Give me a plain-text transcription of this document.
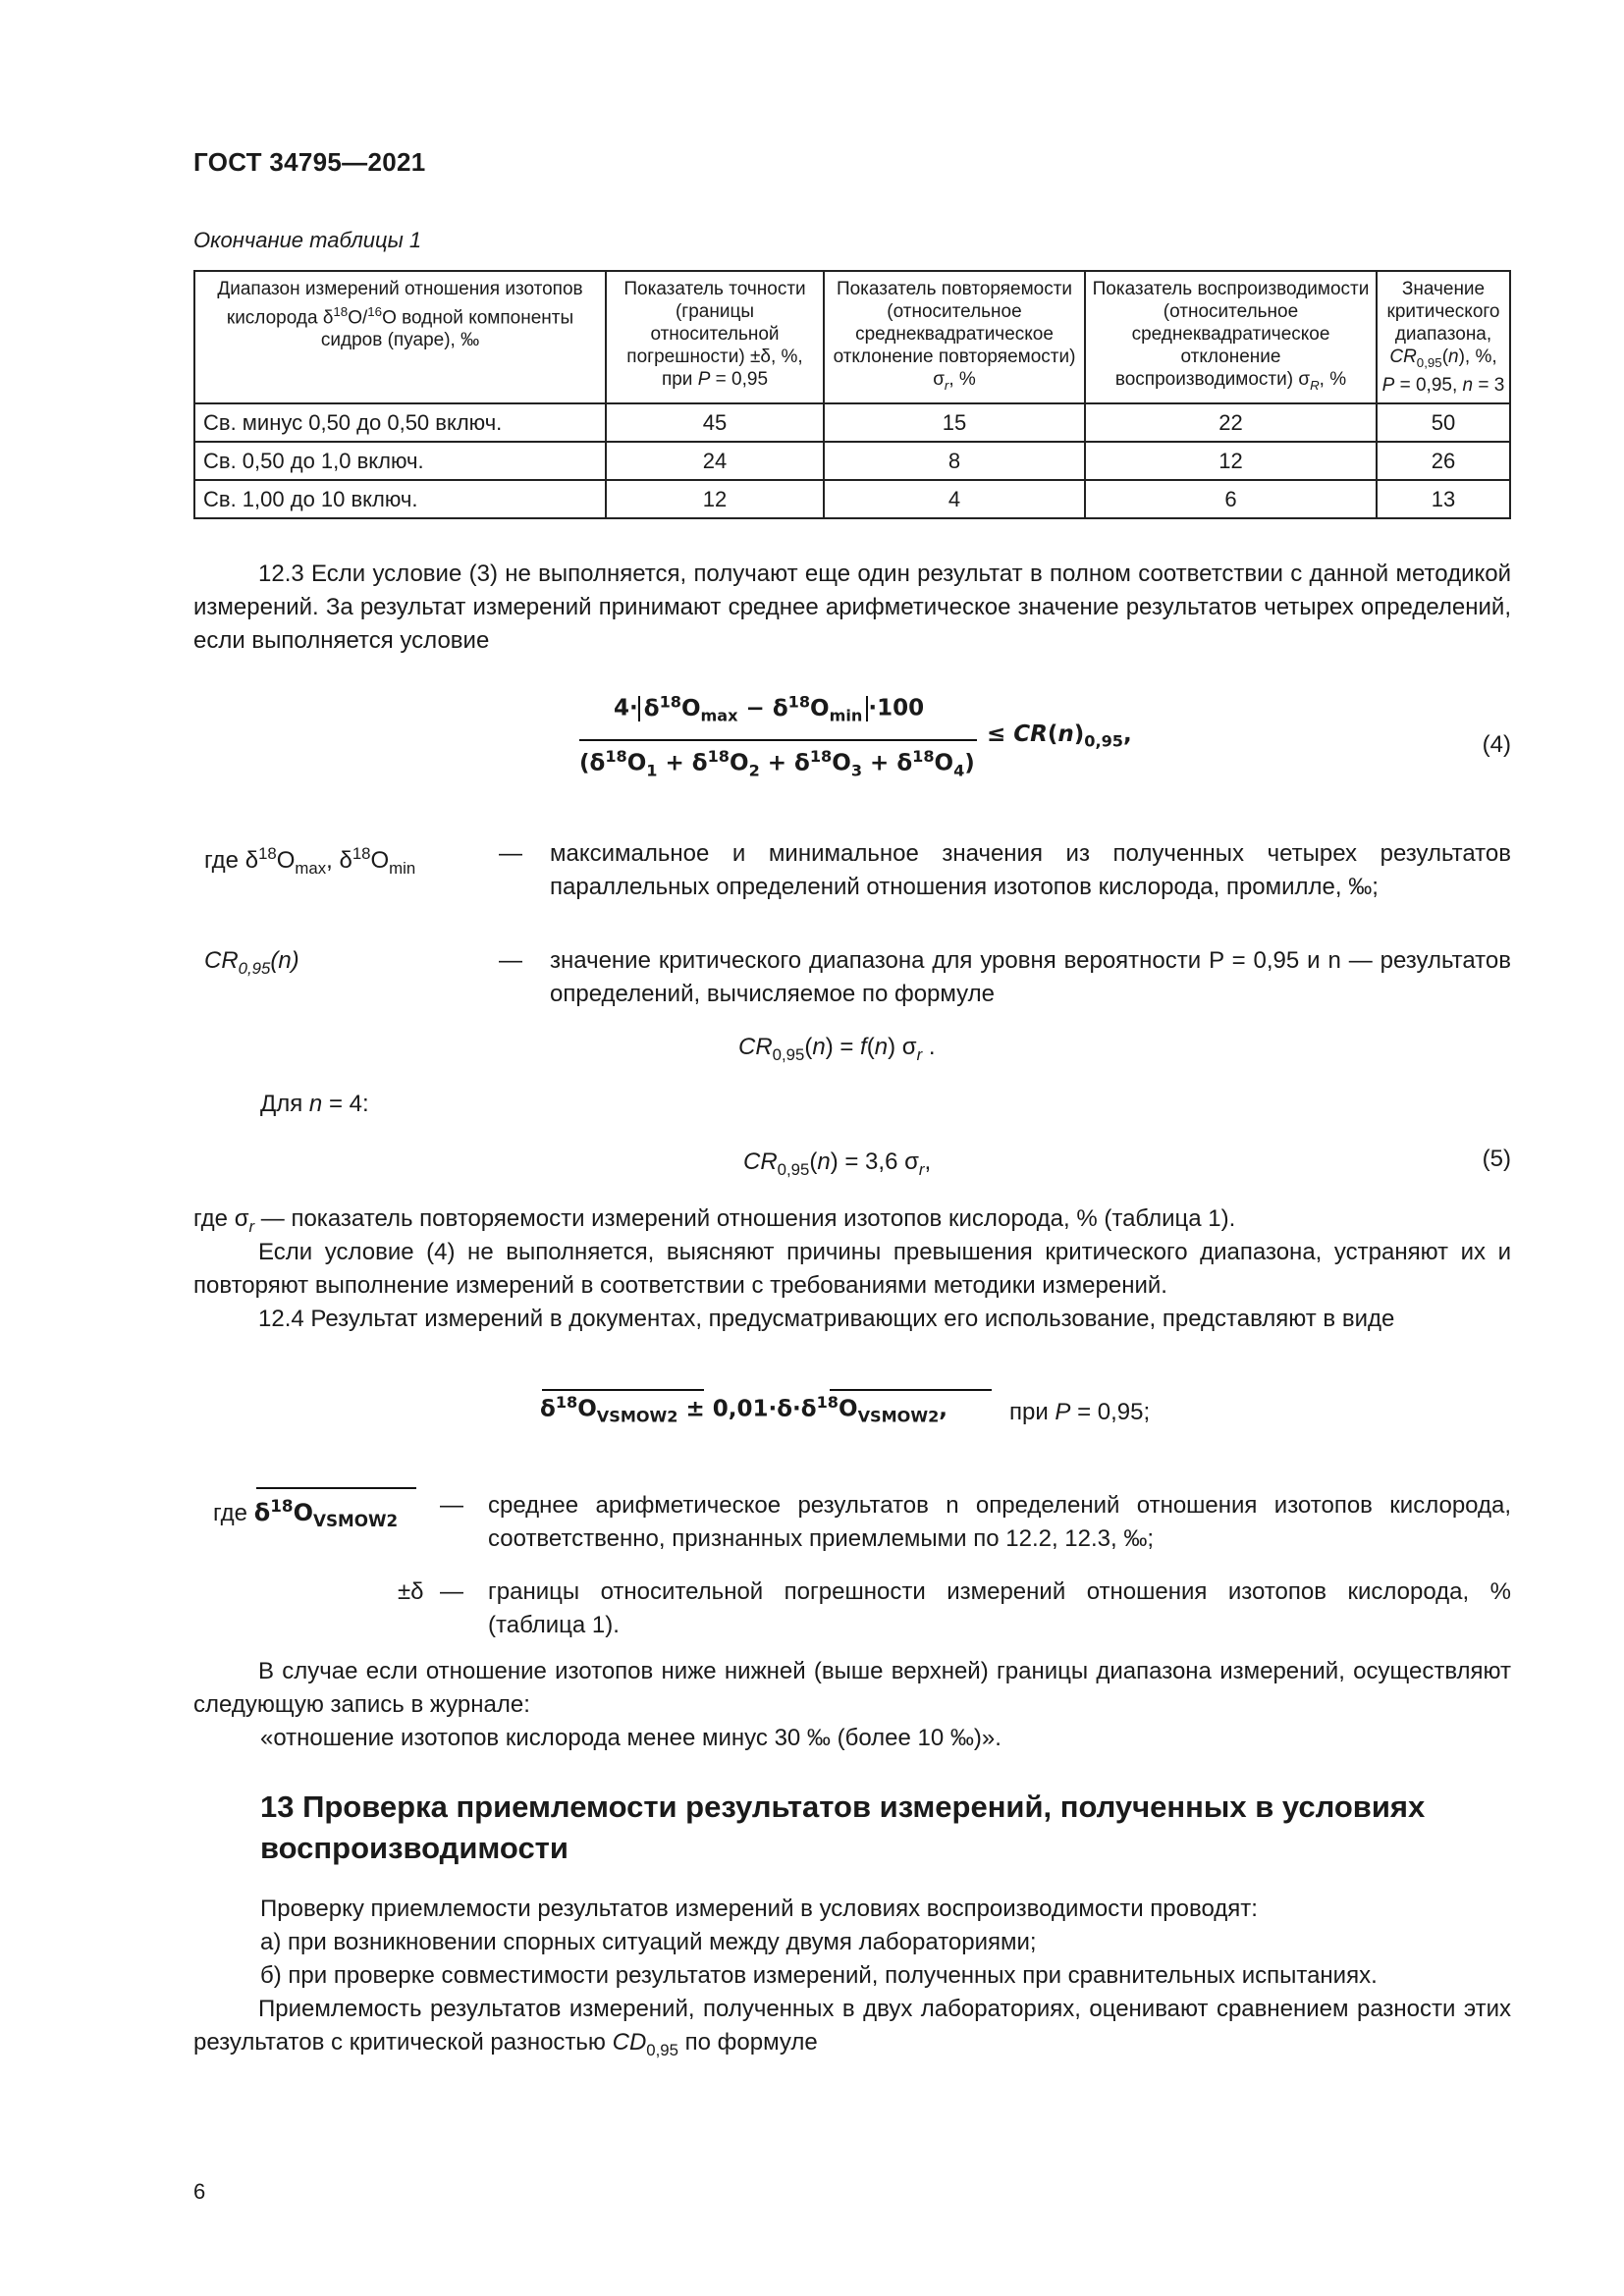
ГОСТ 34795—2021
Окончание таблицы 1
Диапазон измерений отношения изотопов кислорода $\delta^{18}O/^{16}O$ водной компоненты сидров (пуаре), ‰	Показатель точности (границы относительной погрешности) ±δ, %, при P = 0,95	Показатель повторяемости (относительное среднеквадратическое отклонение повторяемости) $\sigma_r$, %	Показатель воспроизводимости (относительное среднеквадратическое отклонение воспроизводимости) $\sigma_R$, %	Значение критического диапазона, $CR_{0,95}(n)$, %, P = 0,95, n = 3
Св. минус 0,50 до 0,50 включ.	45	15	22	50
Св. 0,50 до 1,0 включ.	24	8	12	26
Св. 1,00 до 10 включ.	12	4	6	13
12.3 Если условие (3) не выполняется, получают еще один результат в полном соответствии с данной методикой измерений. За результат измерений принимают среднее арифметическое значение результатов четырех определений, если выполняется условие
$4\cdot \delta^{18}O_{max} - \delta^{18}O_{min} \cdot 100$
$(\delta^{18}O_1 + \delta^{18}O_2 + \delta^{18}O_3 + \delta^{18}O_4)$
≤ $CR(n)_{0,95}$,	(4)
где $\delta^{18}O_{max}$, $\delta^{18}O_{min}$
— максимальное и минимальное значения из полученных четырех результатов параллельных определений отношения изотопов кислорода, промилле, ‰;
$CR_{0,95}(n)$	— значение критического диапазона для уровня вероятности P = 0,95 и n — результатов определений, вычисляемое по формуле
$CR_{0,95}(n) = f(n)$ $\sigma_r$ .
Для n = 4:
$CR_{0,95}(n) = 3,6$ $\sigma_r$,	(5)
где $\sigma_r$ — показатель повторяемости измерений отношения изотопов кислорода, % (таблица 1).
Если условие (4) не выполняется, выясняют причины превышения критического диапазона, устраняют их и повторяют выполнение измерений в соответствии с требованиями методики измерений.
12.4 Результат измерений в документах, предусматривающих его использование, представляют в виде
$\delta^{18}O_{VSMOW2} \pm 0,01\cdot\delta\cdot\delta^{18}O_{VSMOW2}$,	при P = 0,95;
где
$\delta^{18}O_{VSMOW2}$
— среднее арифметическое результатов n определений отношения изотопов кислорода, соответственно, признанных приемлемыми по 12.2, 12.3, ‰;
±δ — границы относительной погрешности измерений отношения изотопов кислорода, % (таблица 1).
В случае если отношение изотопов ниже нижней (выше верхней) границы диапазона измерений, осуществляют следующую запись в журнале:
«отношение изотопов кислорода менее минус 30 ‰ (более 10 ‰)».
13 Проверка приемлемости результатов измерений, полученных в условиях воспроизводимости
Проверку приемлемости результатов измерений в условиях воспроизводимости проводят:
а) при возникновении спорных ситуаций между двумя лабораториями;
б) при проверке совместимости результатов измерений, полученных при сравнительных испытаниях.
Приемлемость результатов измерений, полученных в двух лабораториях, оценивают сравнением разности этих результатов с критической разностью $CD_{0,95}$ по формуле
6
